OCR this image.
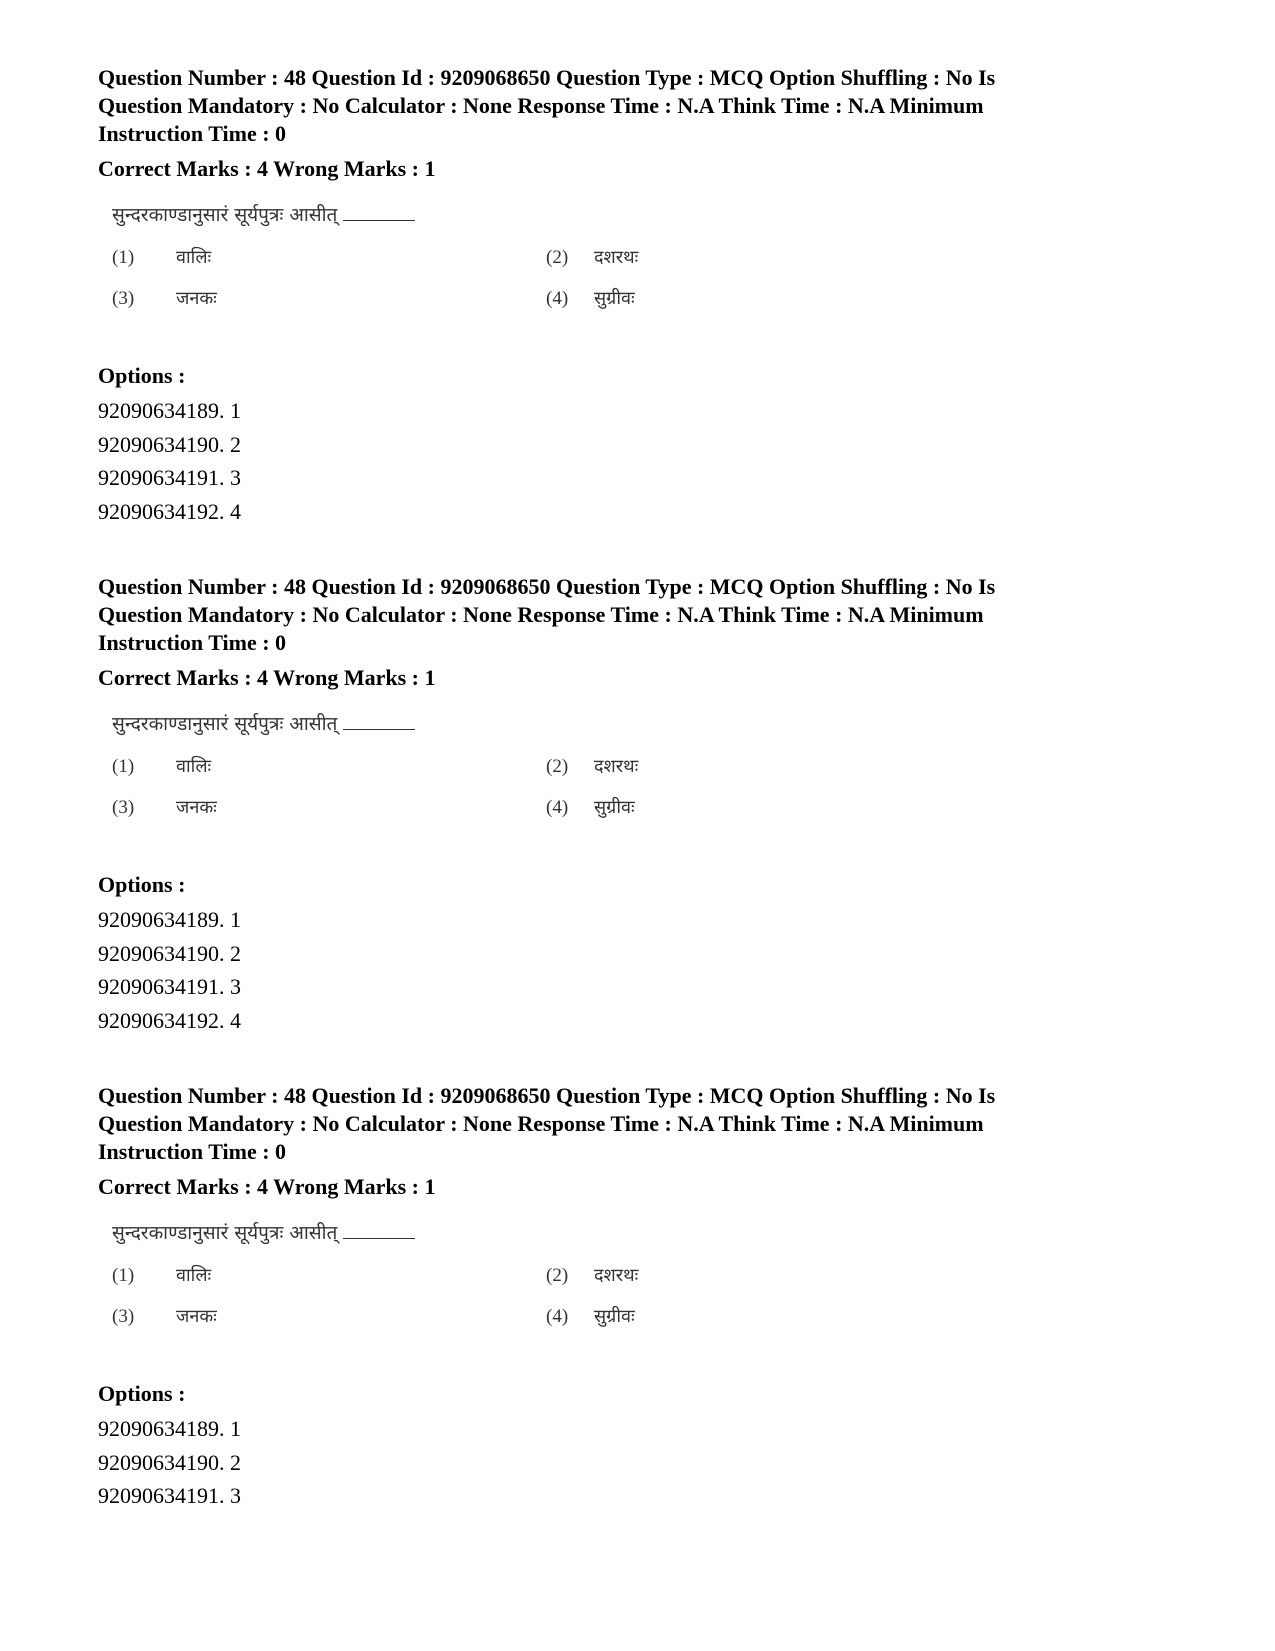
Question Number : 48 Question Id : 9209068650 Question Type : MCQ Option Shuffling : No Is
Question Mandatory : No Calculator : None Response Time : N.A Think Time : N.A Minimum
Instruction Time : 0
Correct Marks : 4 Wrong Marks : 1
सुन्दरकाण्डानुसारं सूर्यपुत्रः आसीत्
(1) वालिः	(2) दशरथः
(3) जनकः	(4) सुग्रीवः
Options :
92090634189. 1
92090634190. 2
92090634191. 3
92090634192. 4
Question Number : 48 Question Id : 9209068650 Question Type : MCQ Option Shuffling : No Is
Question Mandatory : No Calculator : None Response Time : N.A Think Time : N.A Minimum
Instruction Time : 0
Correct Marks : 4 Wrong Marks : 1
सुन्दरकाण्डानुसारं सूर्यपुत्रः आसीत्
(1) वालिः	(2) दशरथः
(3) जनकः	(4) सुग्रीवः
Options :
92090634189. 1
92090634190. 2
92090634191. 3
92090634192. 4
Question Number : 48 Question Id : 9209068650 Question Type : MCQ Option Shuffling : No Is
Question Mandatory : No Calculator : None Response Time : N.A Think Time : N.A Minimum
Instruction Time : 0
Correct Marks : 4 Wrong Marks : 1
सुन्दरकाण्डानुसारं सूर्यपुत्रः आसीत्
(1) वालिः	(2) दशरथः
(3) जनकः	(4) सुग्रीवः
Options :
92090634189. 1
92090634190. 2
92090634191. 3
